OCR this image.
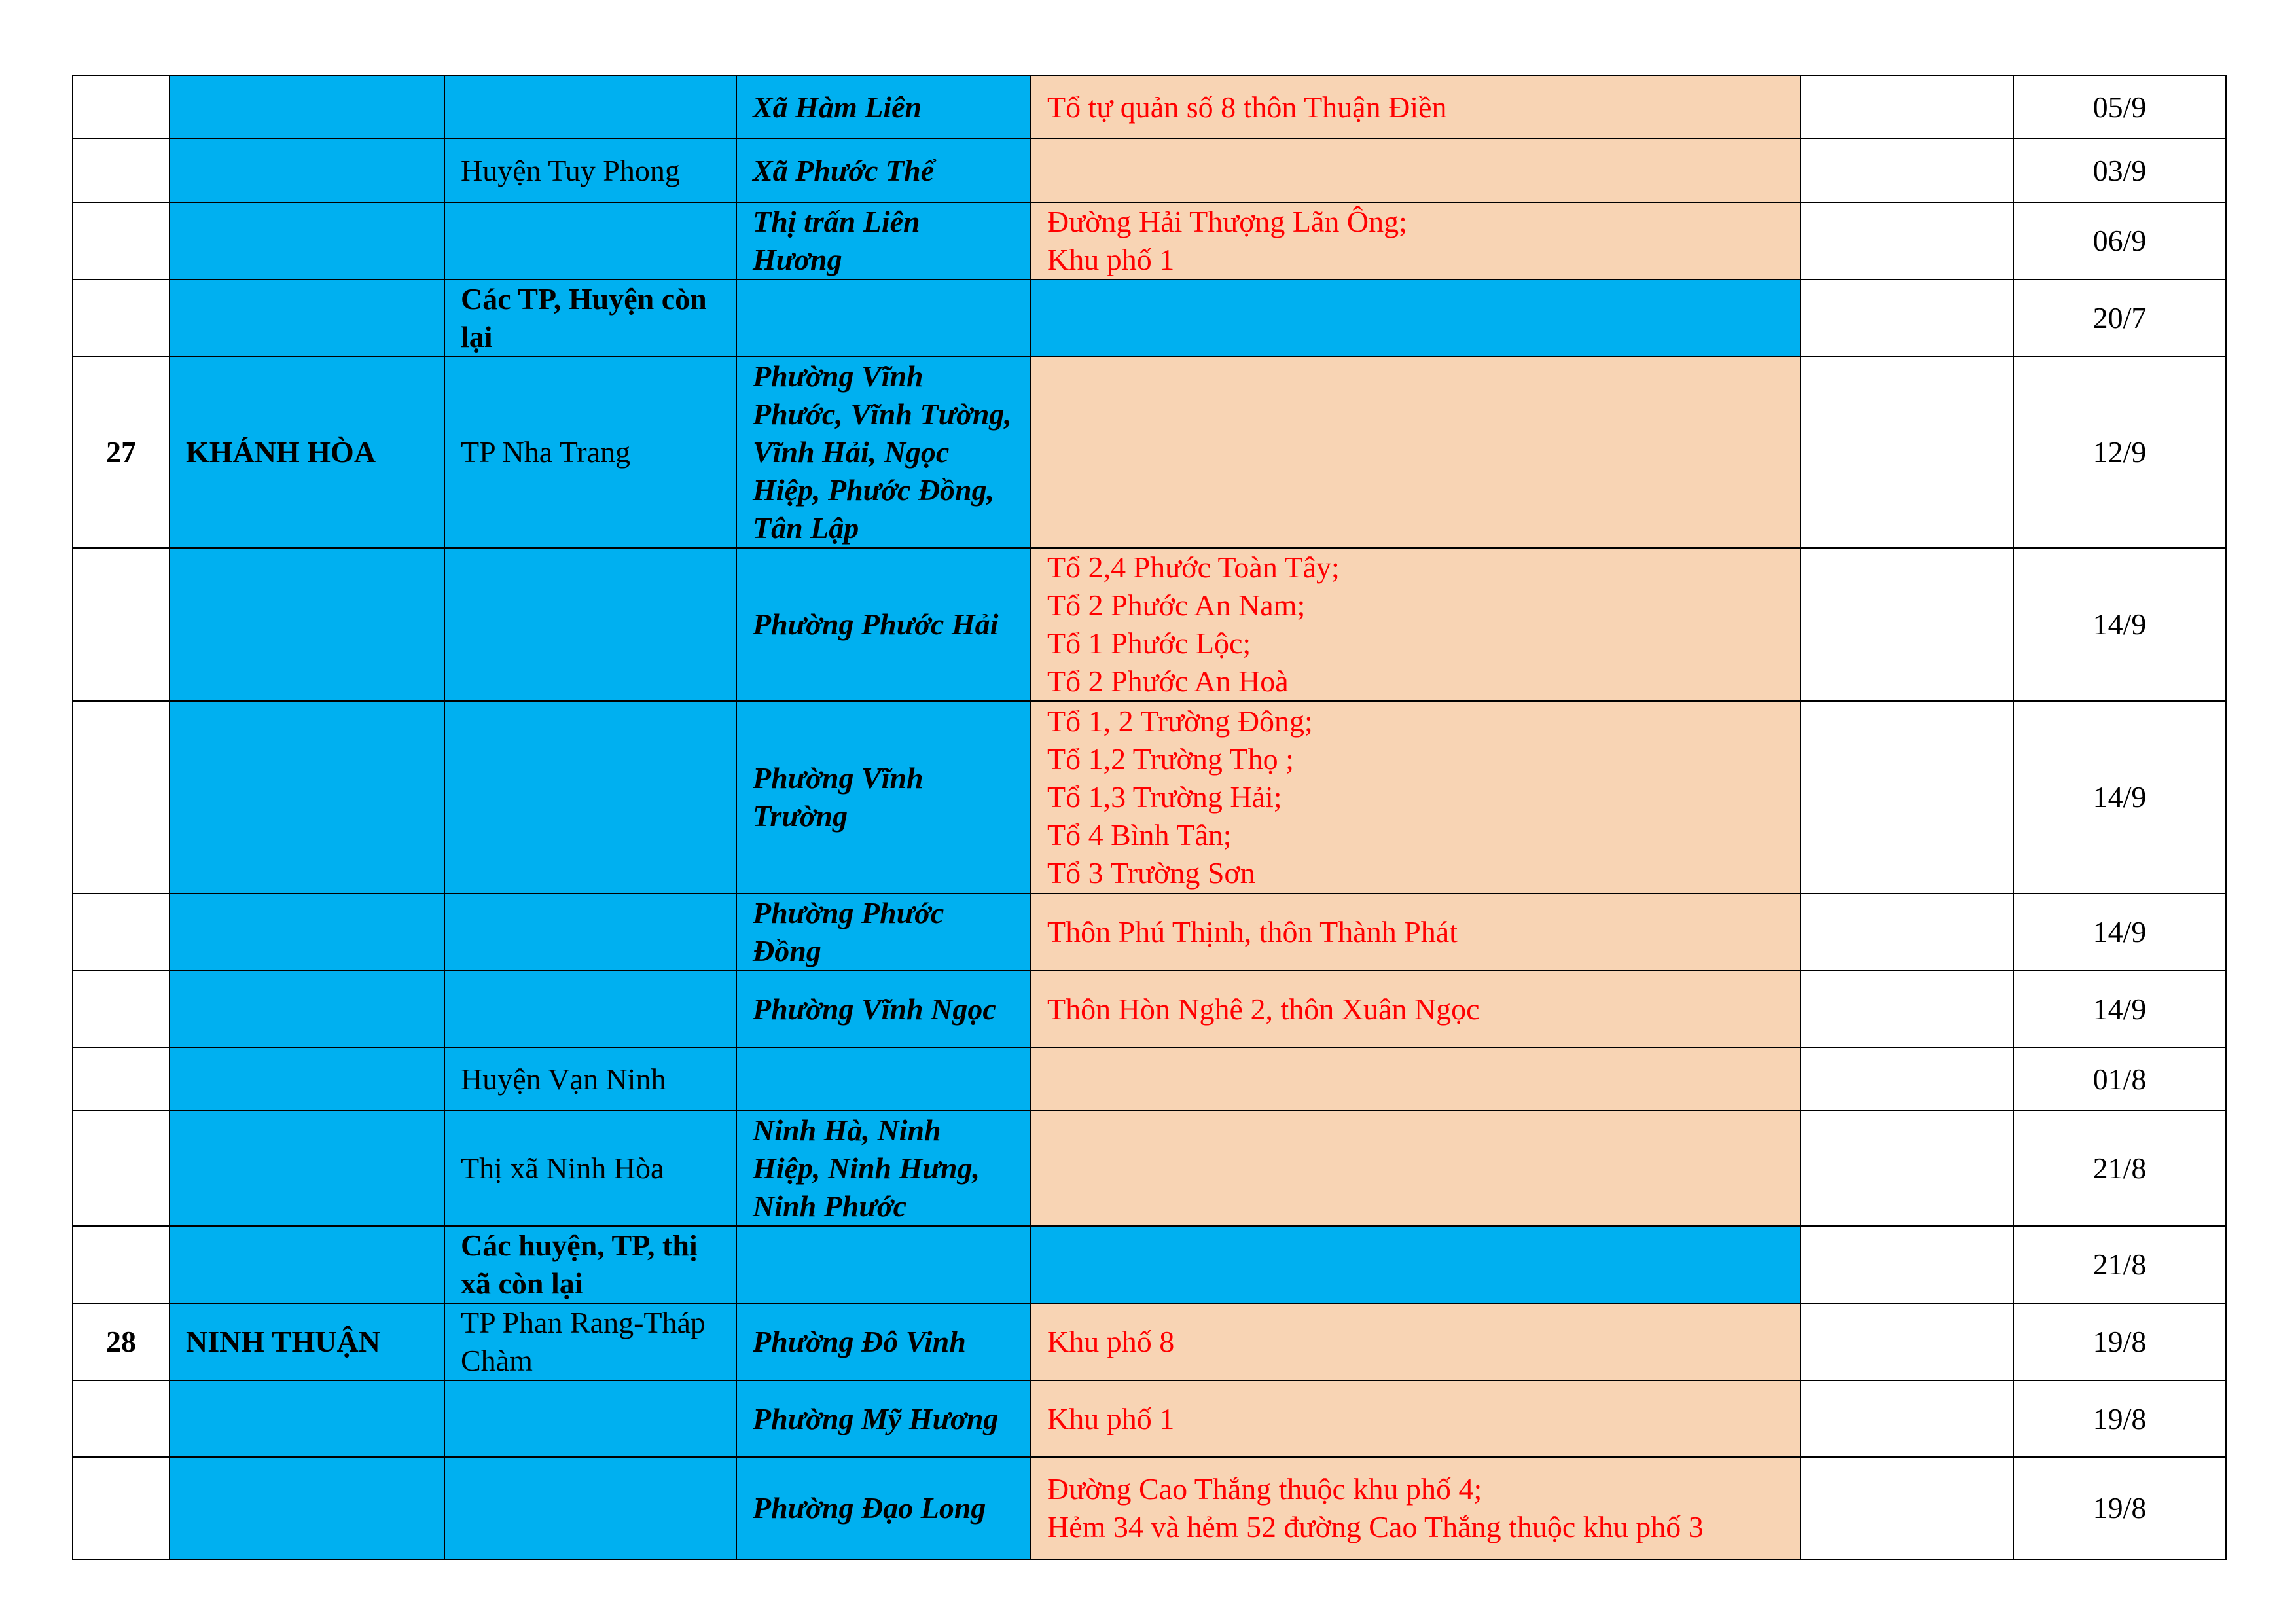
			Xã Hàm Liên	Tổ tự quản số 8 thôn Thuận Điền		05/9
		Huyện Tuy Phong	Xã Phước Thể			03/9
			Thị trấn Liên Hương	Đường Hải Thượng Lãn Ông;
Khu phố 1		06/9
		Các TP, Huyện còn lại				20/7
27	KHÁNH HÒA	TP Nha Trang	Phường Vĩnh Phước, Vĩnh Tường, Vĩnh Hải, Ngọc Hiệp, Phước Đồng, Tân Lập			12/9
			Phường Phước Hải	Tổ 2,4 Phước Toàn Tây;
Tổ 2 Phước An Nam;
Tổ 1 Phước Lộc;
Tổ 2 Phước An Hoà		14/9
			Phường Vĩnh Trường	Tổ 1, 2 Trường Đông;
Tổ 1,2 Trường Thọ ;
Tổ 1,3 Trường Hải;
Tổ 4 Bình Tân;
Tổ 3 Trường Sơn		14/9
			Phường Phước Đồng	Thôn Phú Thịnh, thôn Thành Phát		14/9
			Phường Vĩnh Ngọc	Thôn Hòn Nghê 2, thôn Xuân Ngọc		14/9
		Huyện Vạn Ninh				01/8
		Thị xã Ninh Hòa	Ninh Hà, Ninh Hiệp, Ninh Hưng, Ninh Phước			21/8
		Các huyện, TP, thị xã còn lại				21/8
28	NINH THUẬN	TP Phan Rang-Tháp Chàm	Phường Đô Vinh	Khu phố 8		19/8
			Phường Mỹ Hương	Khu phố 1		19/8
			Phường Đạo Long	Đường Cao Thắng thuộc khu phố 4;
Hẻm 34 và hẻm 52 đường Cao Thắng thuộc khu phố 3		19/8
